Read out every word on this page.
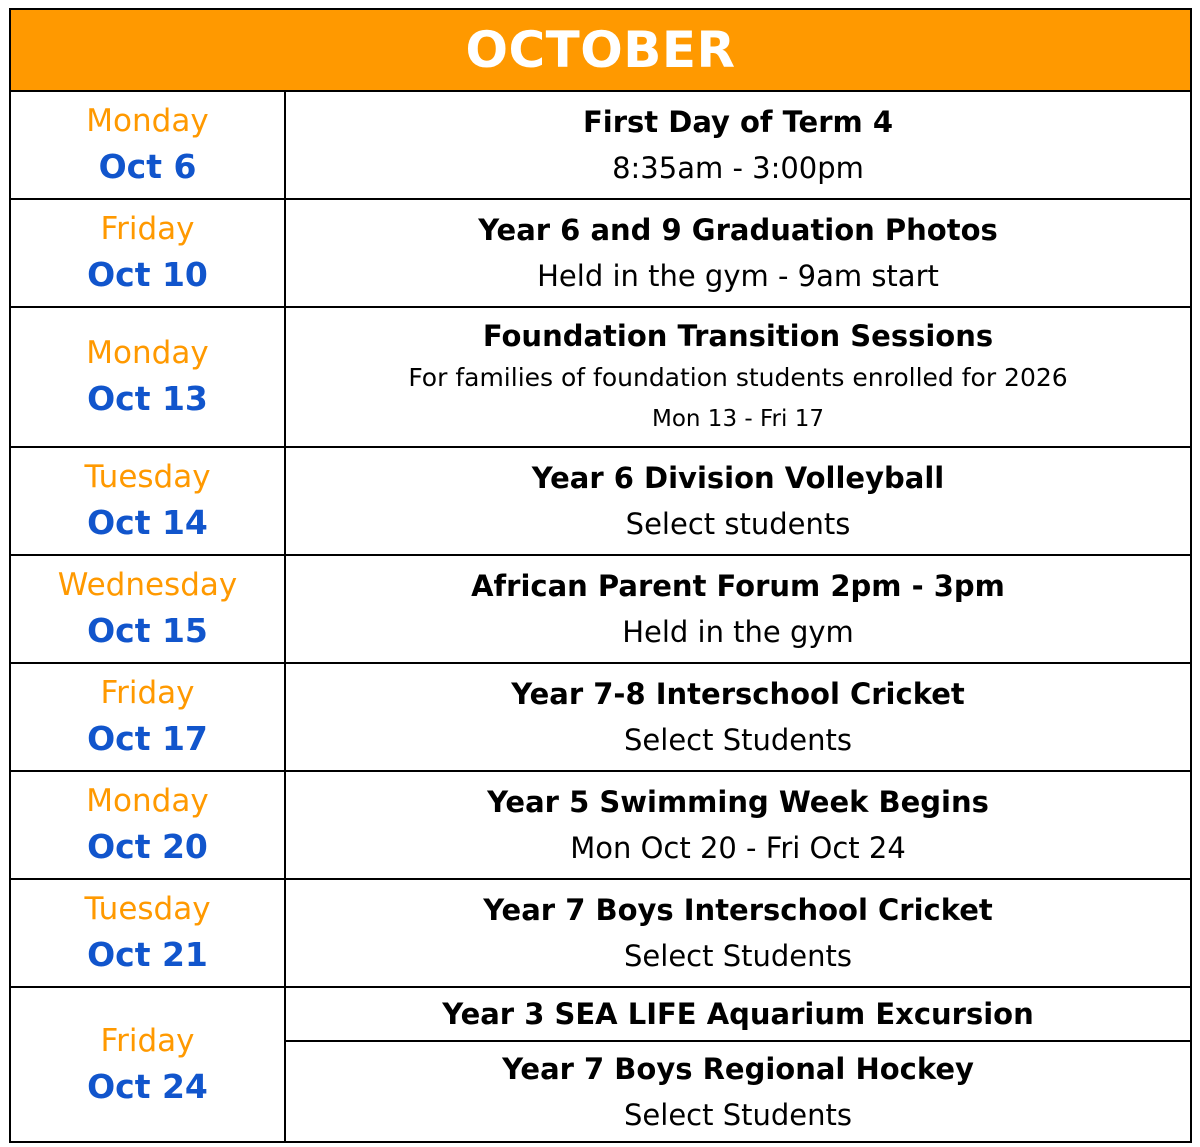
OCTOBER
Monday
Oct 6
First Day of Term 4
8:35am - 3:00pm
Friday
Oct 10
Year 6 and 9 Graduation Photos
Held in the gym - 9am start
Monday
Oct 13
Foundation Transition Sessions
For families of foundation students enrolled for 2026
Mon 13 - Fri 17
Tuesday
Oct 14
Year 6 Division Volleyball
Select students
Wednesday
Oct 15
African Parent Forum 2pm - 3pm
Held in the gym
Friday
Oct 17
Year 7-8 Interschool Cricket
Select Students
Monday
Oct 20
Year 5 Swimming Week Begins
Mon Oct 20 - Fri Oct 24
Tuesday
Oct 21
Year 7 Boys Interschool Cricket
Select Students
Friday
Oct 24
Year 3 SEA LIFE Aquarium Excursion
Year 7 Boys Regional Hockey
Select Students
